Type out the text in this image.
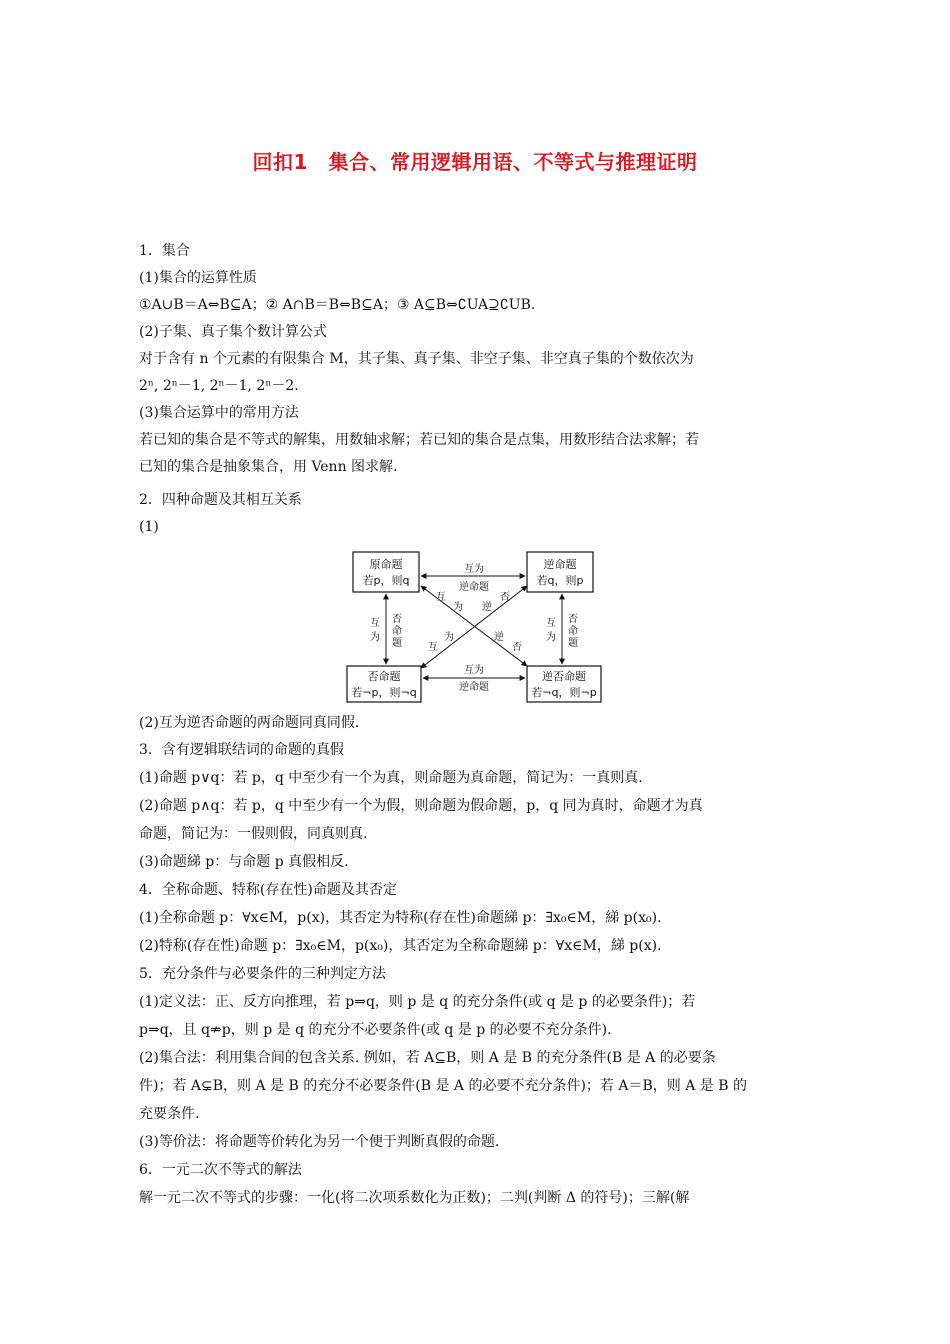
回扣1　集合、常用逻辑用语、不等式与推理证明
1．集合
(1)集合的运算性质
①A∪B＝A⇔B⊆A；② A∩B＝B⇔B⊆A；③ A⊆B⇔∁UA⊇∁UB.
(2)子集、真子集个数计算公式
对于含有 n 个元素的有限集合 M，其子集、真子集、非空子集、非空真子集的个数依次为
2ⁿ, 2ⁿ－1, 2ⁿ－1, 2ⁿ－2.
(3)集合运算中的常用方法
若已知的集合是不等式的解集，用数轴求解；若已知的集合是点集，用数形结合法求解；若
已知的集合是抽象集合，用 Venn 图求解.
2．四种命题及其相互关系
(1)
原命题
若p，则q
逆命题
若q，则p
否命题
若¬p，则¬q
逆否命题
若¬q，则¬p
互为
逆命题
互为
逆命题
互
为
否
命
题
互
为
否
命
题
互
为 逆
否
为
互
逆
否
(2)互为逆否命题的两命题同真同假.
3．含有逻辑联结词的命题的真假
(1)命题 p∨q：若 p，q 中至少有一个为真，则命题为真命题，简记为：一真则真.
(2)命题 p∧q：若 p，q 中至少有一个为假，则命题为假命题，p，q 同为真时，命题才为真
命题，简记为：一假则假，同真则真.
(3)命题綈 p：与命题 p 真假相反.
4．全称命题、特称(存在性)命题及其否定
(1)全称命题 p：∀x∈M，p(x)，其否定为特称(存在性)命题綈 p：∃x₀∈M，綈 p(x₀).
(2)特称(存在性)命题 p：∃x₀∈M，p(x₀)，其否定为全称命题綈 p：∀x∈M，綈 p(x).
5．充分条件与必要条件的三种判定方法
(1)定义法：正、反方向推理，若 p⇒q，则 p 是 q 的充分条件(或 q 是 p 的必要条件)；若
p⇒q，且 q⇏p，则 p 是 q 的充分不必要条件(或 q 是 p 的必要不充分条件).
(2)集合法：利用集合间的包含关系. 例如，若 A⊆B，则 A 是 B 的充分条件(B 是 A 的必要条
件)；若 A⊊B，则 A 是 B 的充分不必要条件(B 是 A 的必要不充分条件)；若 A＝B，则 A 是 B 的
充要条件.
(3)等价法：将命题等价转化为另一个便于判断真假的命题.
6．一元二次不等式的解法
解一元二次不等式的步骤：一化(将二次项系数化为正数)；二判(判断 Δ 的符号)；三解(解
